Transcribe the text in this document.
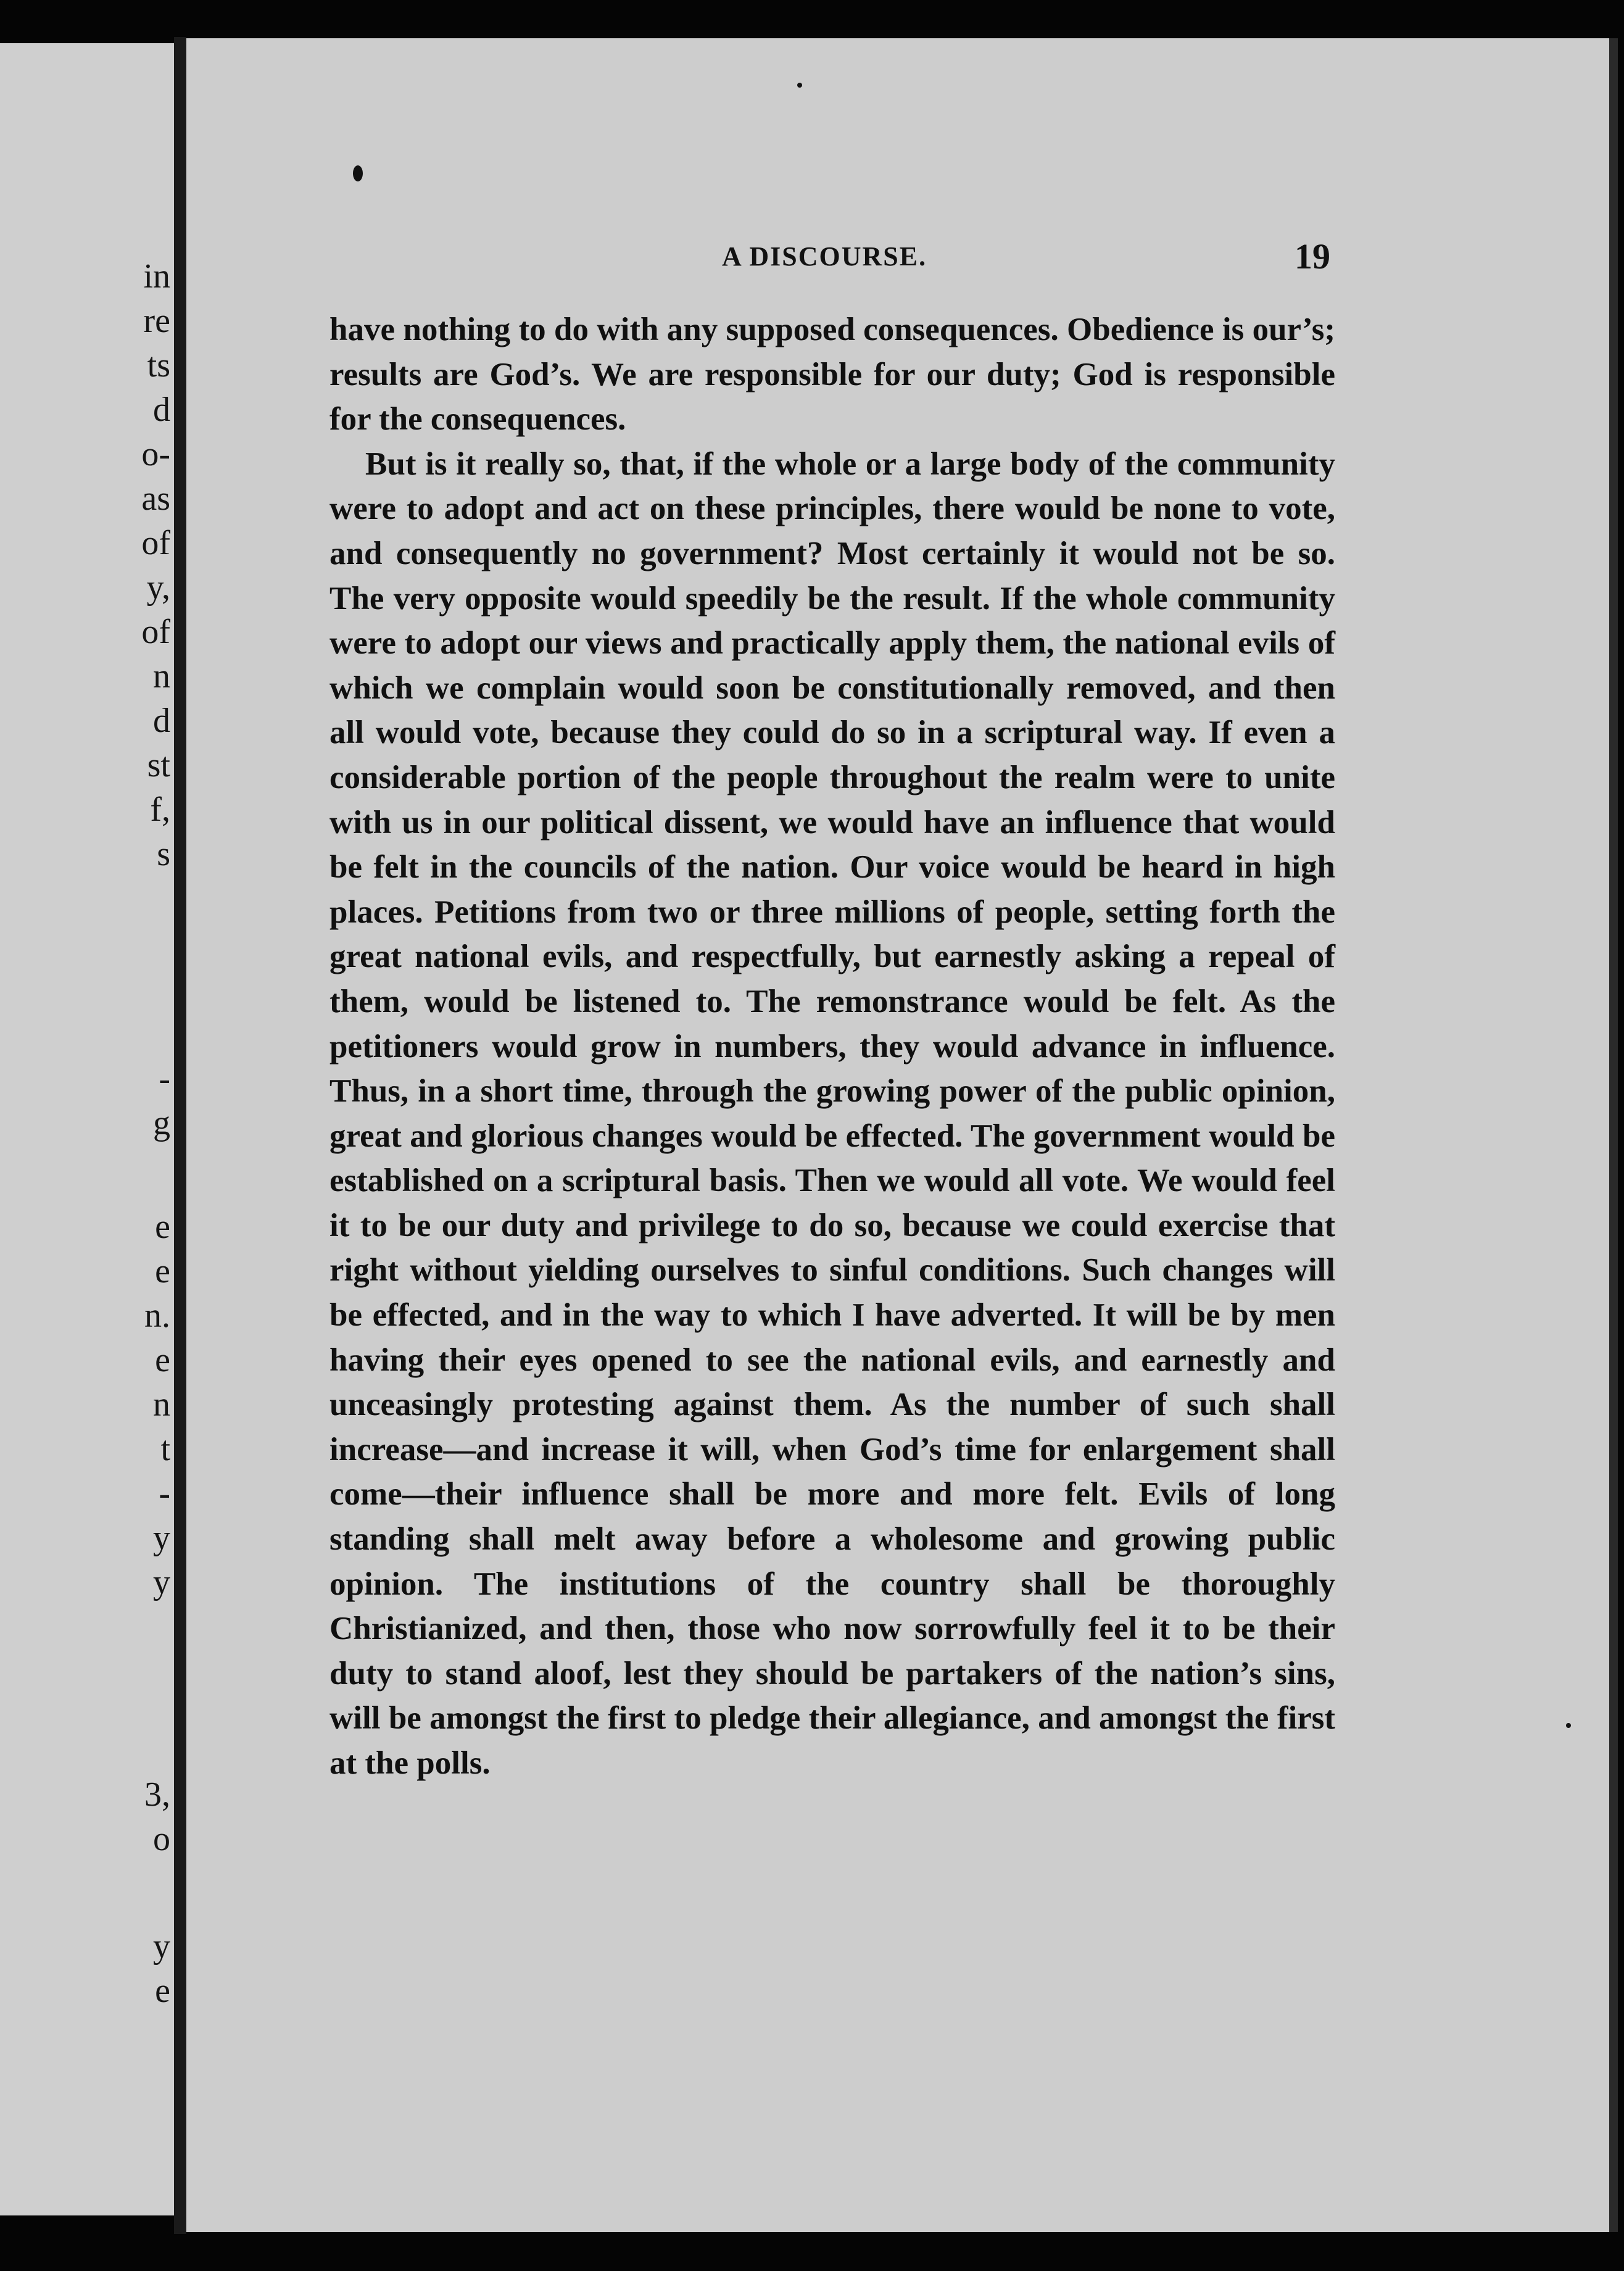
in
re
ts
d
o-
as
of
y,
of
n
d
st
f,
s
-
g
e
e
n.
e
n
t
-
y
y
3,
o
y
e
A DISCOURSE.	19

have nothing to do with any supposed consequences. Obedience is our’s; results are God’s. We are responsible for our duty; God is responsible for the consequences.

But is it really so, that, if the whole or a large body of the community were to adopt and act on these principles, there would be none to vote, and consequently no government? Most certainly it would not be so. The very opposite would speedily be the result. If the whole community were to adopt our views and practically apply them, the national evils of which we complain would soon be constitutionally removed, and then all would vote, because they could do so in a scriptural way. If even a considerable portion of the people throughout the realm were to unite with us in our political dissent, we would have an influence that would be felt in the councils of the nation. Our voice would be heard in high places. Petitions from two or three millions of people, setting forth the great national evils, and respectfully, but earnestly asking a repeal of them, would be listened to. The remonstrance would be felt. As the petitioners would grow in numbers, they would advance in influence. Thus, in a short time, through the growing power of the public opinion, great and glorious changes would be effected. The government would be established on a scriptural basis. Then we would all vote. We would feel it to be our duty and privilege to do so, because we could exercise that right without yielding ourselves to sinful conditions. Such changes will be effected, and in the way to which I have adverted. It will be by men having their eyes opened to see the national evils, and earnestly and unceasingly protesting against them. As the number of such shall increase—and increase it will, when God’s time for enlargement shall come—their influence shall be more and more felt. Evils of long standing shall melt away before a wholesome and growing public opinion. The institutions of the country shall be thoroughly Christianized, and then, those who now sorrowfully feel it to be their duty to stand aloof, lest they should be partakers of the nation’s sins, will be amongst the first to pledge their allegiance, and amongst the first at the polls.
